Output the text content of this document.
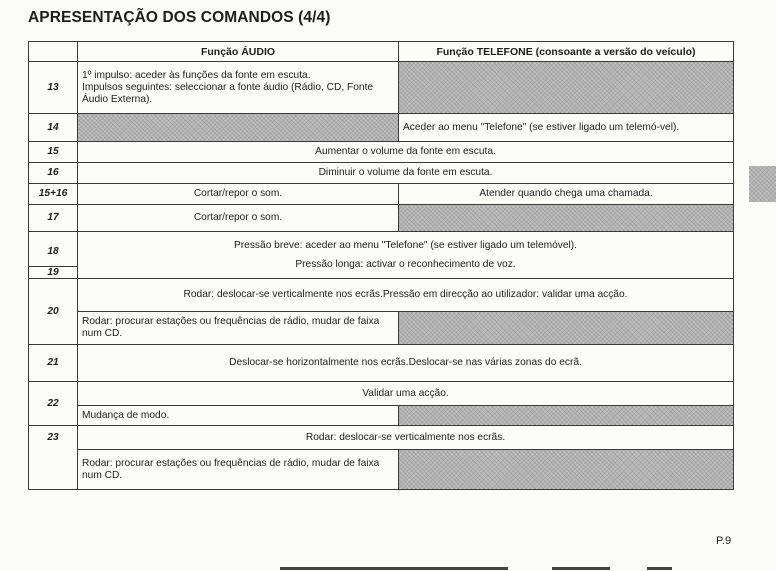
APRESENTAÇÃO DOS COMANDOS (4/4)
	Função ÁUDIO	Função TELEFONE (consoante a versão do veículo)
13	1º impulso: aceder às funções da fonte em escuta.
Impulsos seguintes: seleccionar a fonte áudio (Rádio, CD, Fonte Áudio Externa).	

14		Aceder ao menu "Telefone" (se estiver ligado um telemó-vel).
15	Aumentar o volume da fonte em escuta.	
16	Diminuir o volume da fonte em escuta.	
15+16	Cortar/repor o som.	Atender quando chega uma chamada.
17	Cortar/repor o som.	
18	Pressão breve: aceder ao menu "Telefone" (se estiver ligado um telemóvel).
Pressão longa: activar o reconhecimento de voz.	

19		
20	Rodar: deslocar-se verticalmente nos ecrãs.Pressão em direcção ao utilizador: validar uma acção.	
	Rodar: procurar estações ou frequências de rádio, mudar de faixa num CD.	
21	Deslocar-se horizontalmente nos ecrãs.Deslocar-se nas várias zonas do ecrã.	
22	Validar uma acção.	
	Mudança de modo.	
23	Rodar: deslocar-se verticalmente nos ecrãs.	
	Rodar: procurar estações ou frequências de rádio, mudar de faixa num CD.	
P.9
